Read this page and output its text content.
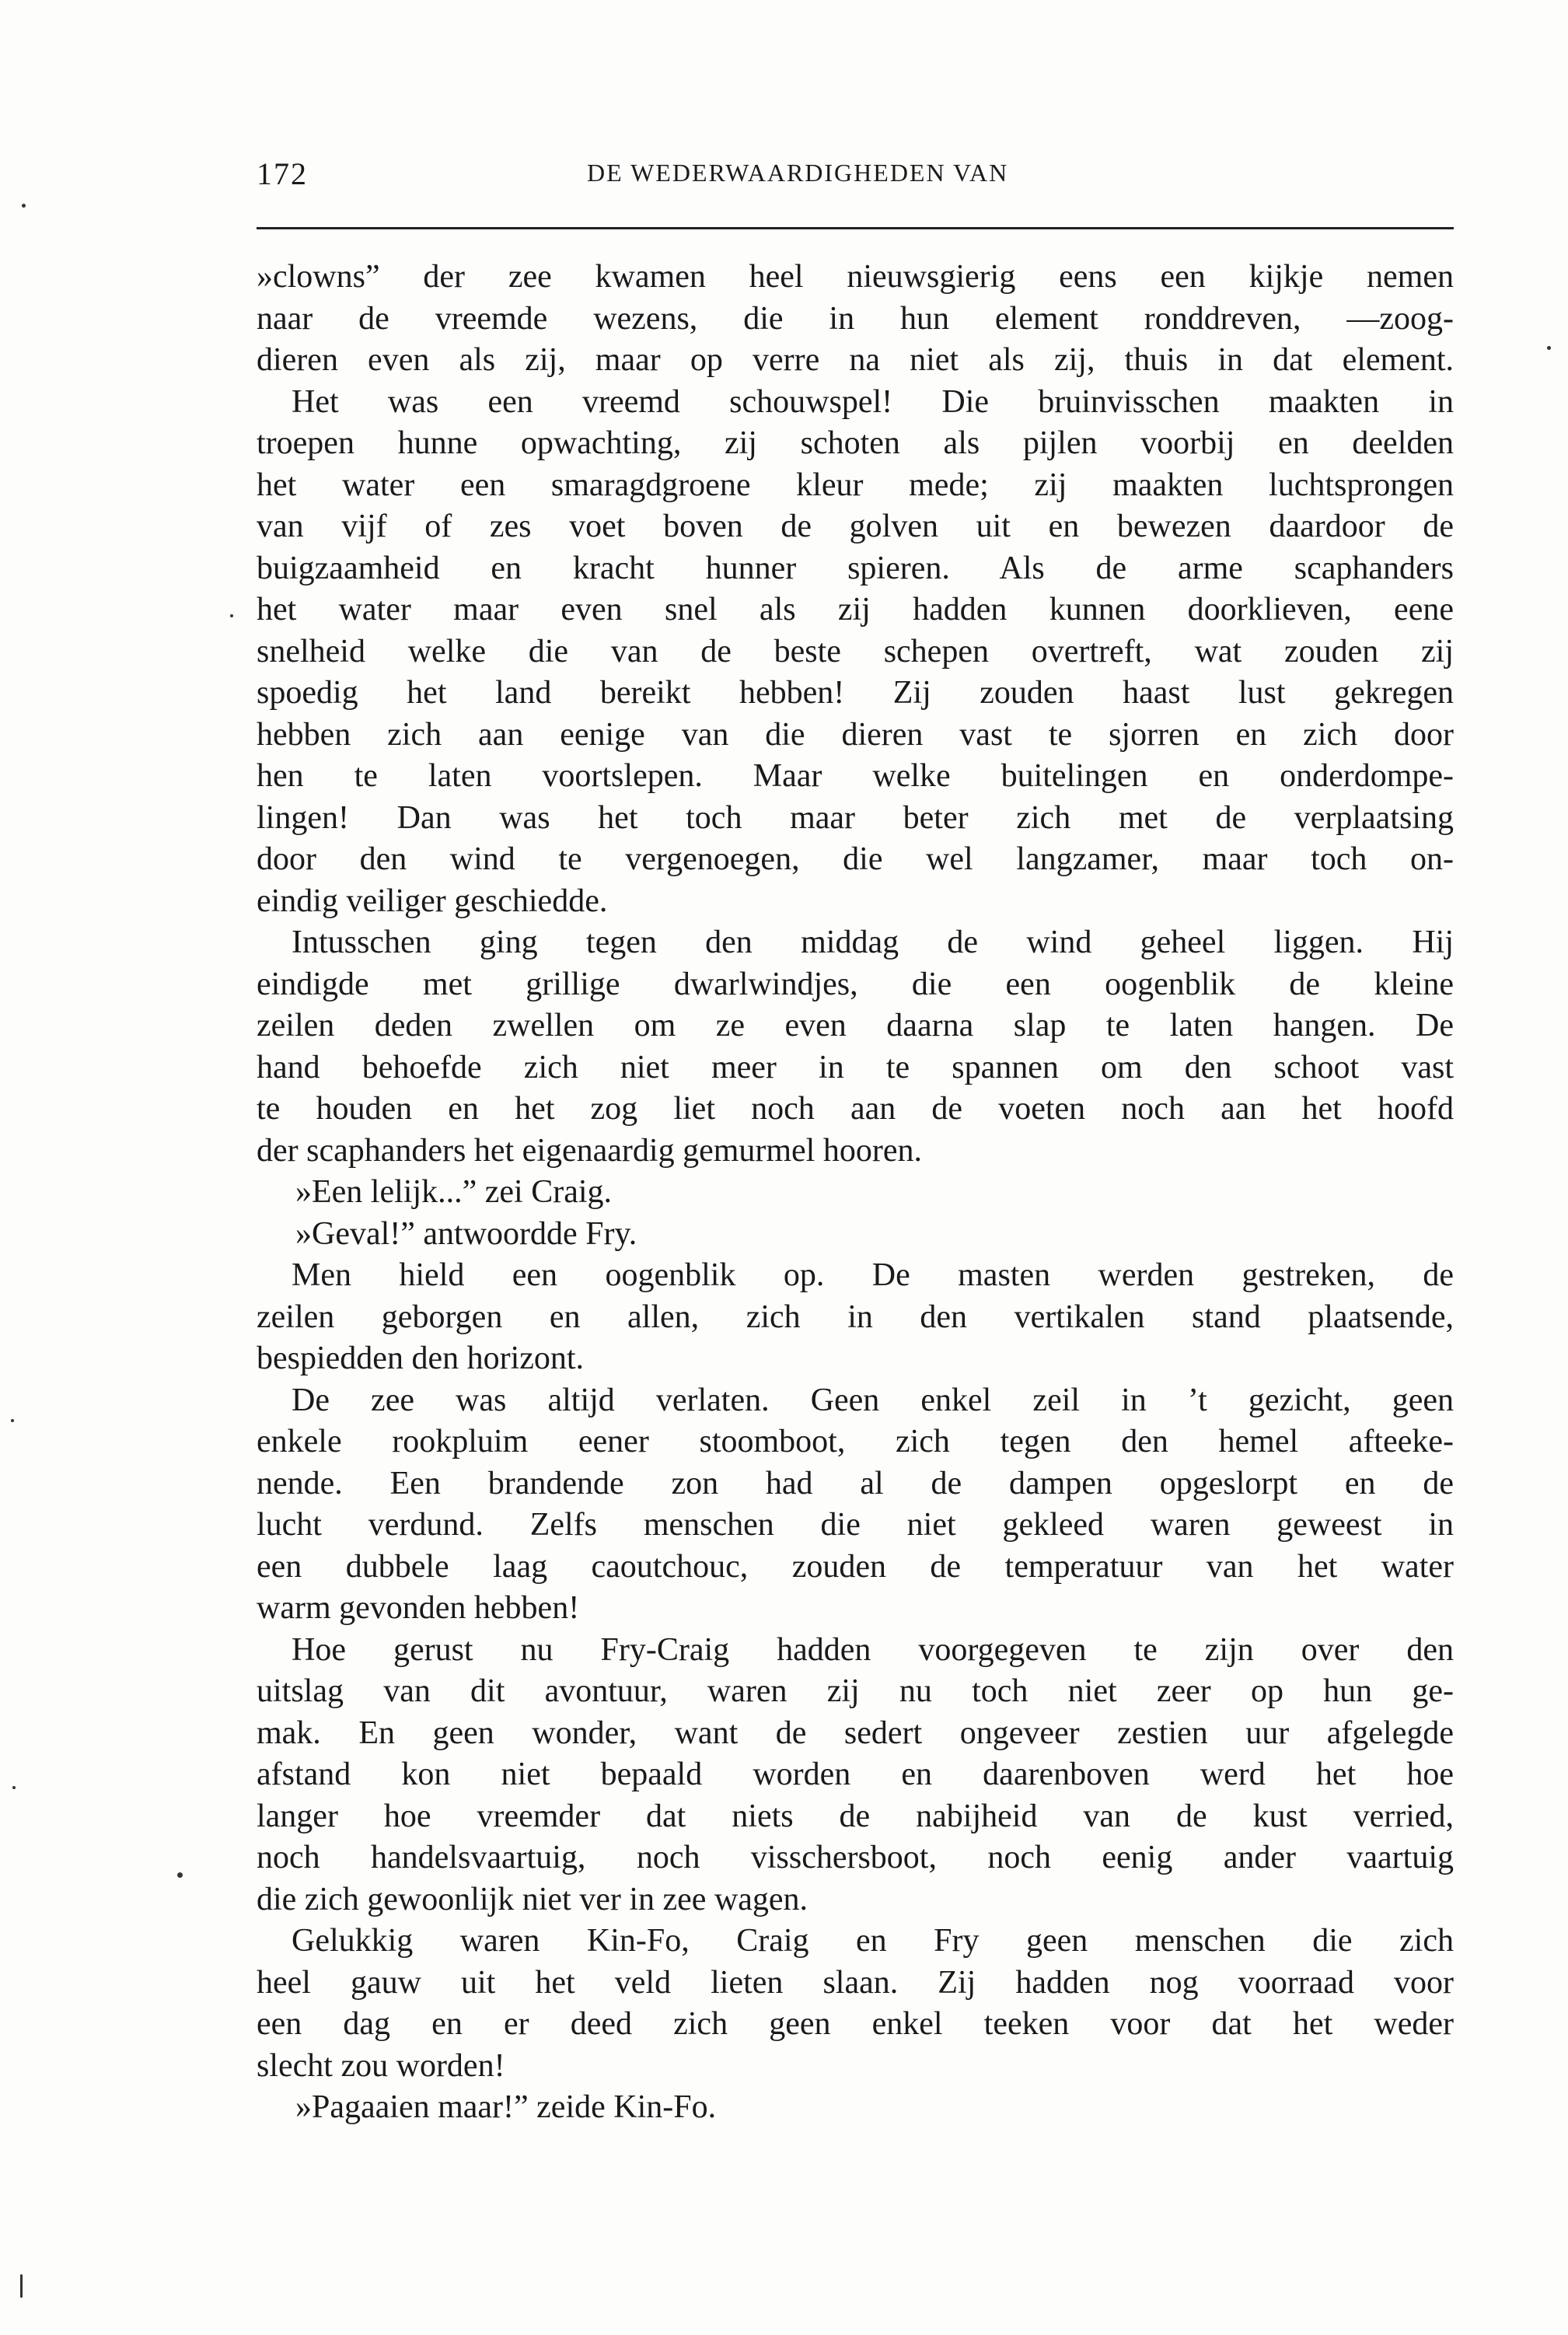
172	DE WEDERWAARDIGHEDEN VAN
»clowns” der zee kwamen heel nieuwsgierig eens een kijkje nemen
naar de vreemde wezens, die in hun element ronddreven, —zoog-
dieren even als zij, maar op verre na niet als zij, thuis in dat element.
Het was een vreemd schouwspel! Die bruinvisschen maakten in
troepen hunne opwachting, zij schoten als pijlen voorbij en deelden
het water een smaragdgroene kleur mede; zij maakten luchtsprongen
van vijf of zes voet boven de golven uit en bewezen daardoor de
buigzaamheid en kracht hunner spieren. Als de arme scaphanders
het water maar even snel als zij hadden kunnen doorklieven, eene
snelheid welke die van de beste schepen overtreft, wat zouden zij
spoedig het land bereikt hebben! Zij zouden haast lust gekregen
hebben zich aan eenige van die dieren vast te sjorren en zich door
hen te laten voortslepen. Maar welke buitelingen en onderdompe-
lingen! Dan was het toch maar beter zich met de verplaatsing
door den wind te vergenoegen, die wel langzamer, maar toch on-
eindig veiliger geschiedde.
Intusschen ging tegen den middag de wind geheel liggen. Hij
eindigde met grillige dwarlwindjes, die een oogenblik de kleine
zeilen deden zwellen om ze even daarna slap te laten hangen. De
hand behoefde zich niet meer in te spannen om den schoot vast
te houden en het zog liet noch aan de voeten noch aan het hoofd
der scaphanders het eigenaardig gemurmel hooren.
»Een lelijk...” zei Craig.
»Geval!” antwoordde Fry.
Men hield een oogenblik op. De masten werden gestreken, de
zeilen geborgen en allen, zich in den vertikalen stand plaatsende,
bespiedden den horizont.
De zee was altijd verlaten. Geen enkel zeil in ’t gezicht, geen
enkele rookpluim eener stoomboot, zich tegen den hemel afteeke-
nende. Een brandende zon had al de dampen opgeslorpt en de
lucht verdund. Zelfs menschen die niet gekleed waren geweest in
een dubbele laag caoutchouc, zouden de temperatuur van het water
warm gevonden hebben!
Hoe gerust nu Fry-Craig hadden voorgegeven te zijn over den
uitslag van dit avontuur, waren zij nu toch niet zeer op hun ge-
mak. En geen wonder, want de sedert ongeveer zestien uur afgelegde
afstand kon niet bepaald worden en daarenboven werd het hoe
langer hoe vreemder dat niets de nabijheid van de kust verried,
noch handelsvaartuig, noch visschersboot, noch eenig ander vaartuig
die zich gewoonlijk niet ver in zee wagen.
Gelukkig waren Kin-Fo, Craig en Fry geen menschen die zich
heel gauw uit het veld lieten slaan. Zij hadden nog voorraad voor
een dag en er deed zich geen enkel teeken voor dat het weder
slecht zou worden!
»Pagaaien maar!” zeide Kin-Fo.
